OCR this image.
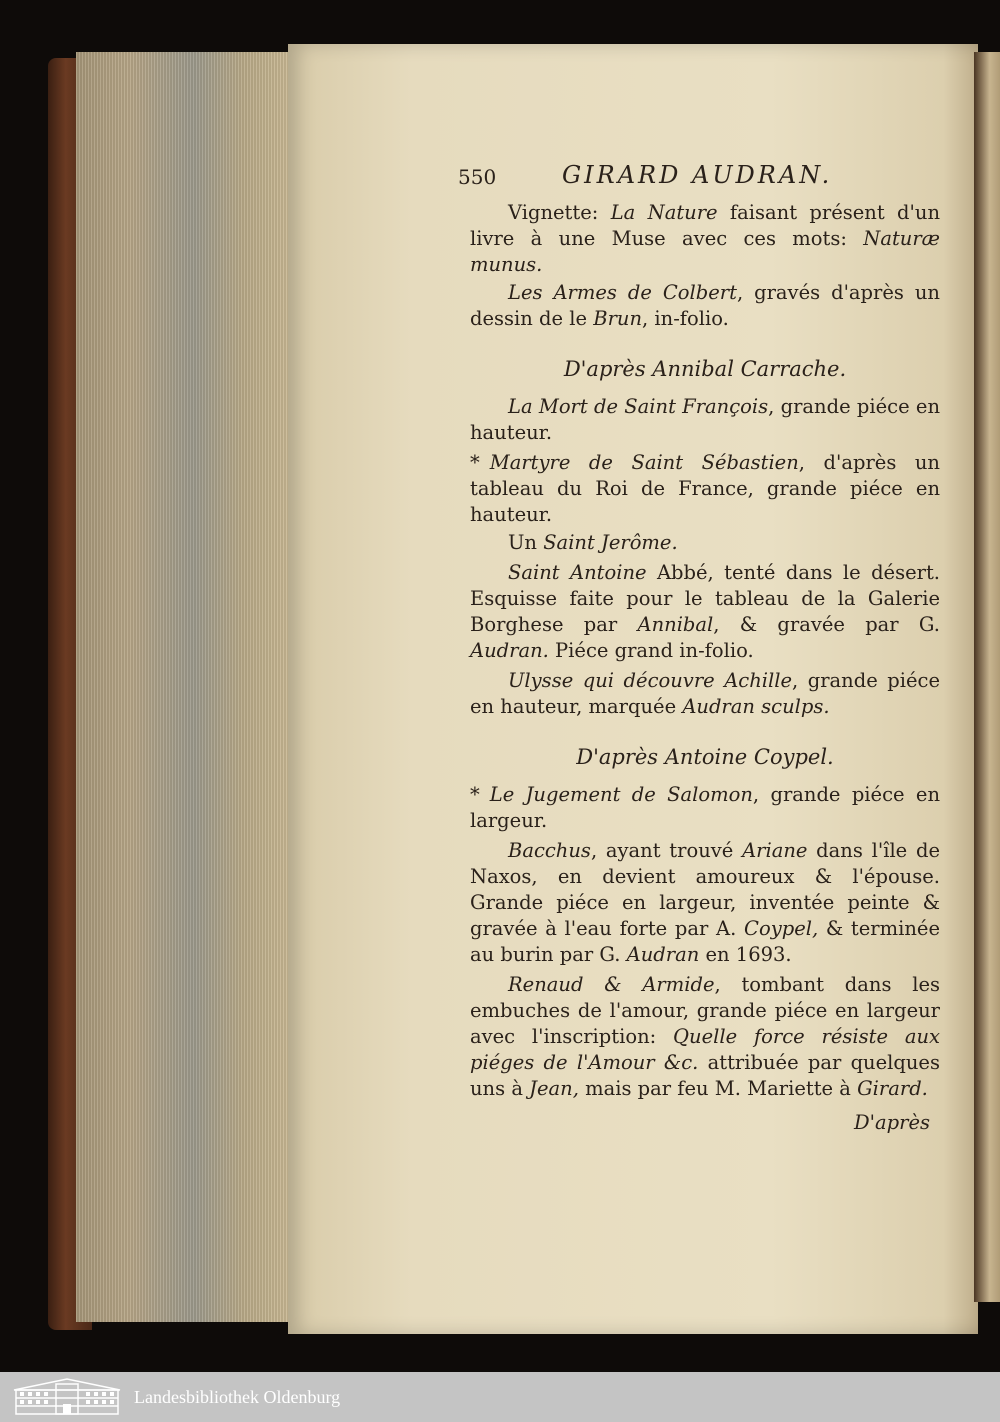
550	GIRARD AUDRAN.

Vignette: La Nature faisant présent d'un livre à une Muse avec ces mots: Naturæ munus.

Les Armes de Colbert, gravés d'après un dessin de le Brun, in-folio.

D'après Annibal Carrache.

La Mort de Saint François, grande piéce en hauteur.

* Martyre de Saint Sébastien, d'après un tableau du Roi de France, grande piéce en hauteur.

Un Saint Jerôme.

Saint Antoine Abbé, tenté dans le désert. Esquisse faite pour le tableau de la Galerie Borghese par Annibal, & gravée par G. Audran. Piéce grand in-folio.

Ulysse qui découvre Achille, grande piéce en hauteur, marquée Audran sculps.

D'après Antoine Coypel.

* Le Jugement de Salomon, grande piéce en largeur.

Bacchus, ayant trouvé Ariane dans l'île de Naxos, en devient amoureux & l'épouse. Grande piéce en largeur, inventée peinte & gravée à l'eau forte par A. Coypel, & terminée au burin par G. Audran en 1693.

Renaud & Armide, tombant dans les embuches de l'amour, grande piéce en largeur avec l'inscription: Quelle force résiste aux piéges de l'Amour &c. attribuée par quelques uns à Jean, mais par feu M. Mariette à Girard.

D'après
Landesbibliothek Oldenburg
